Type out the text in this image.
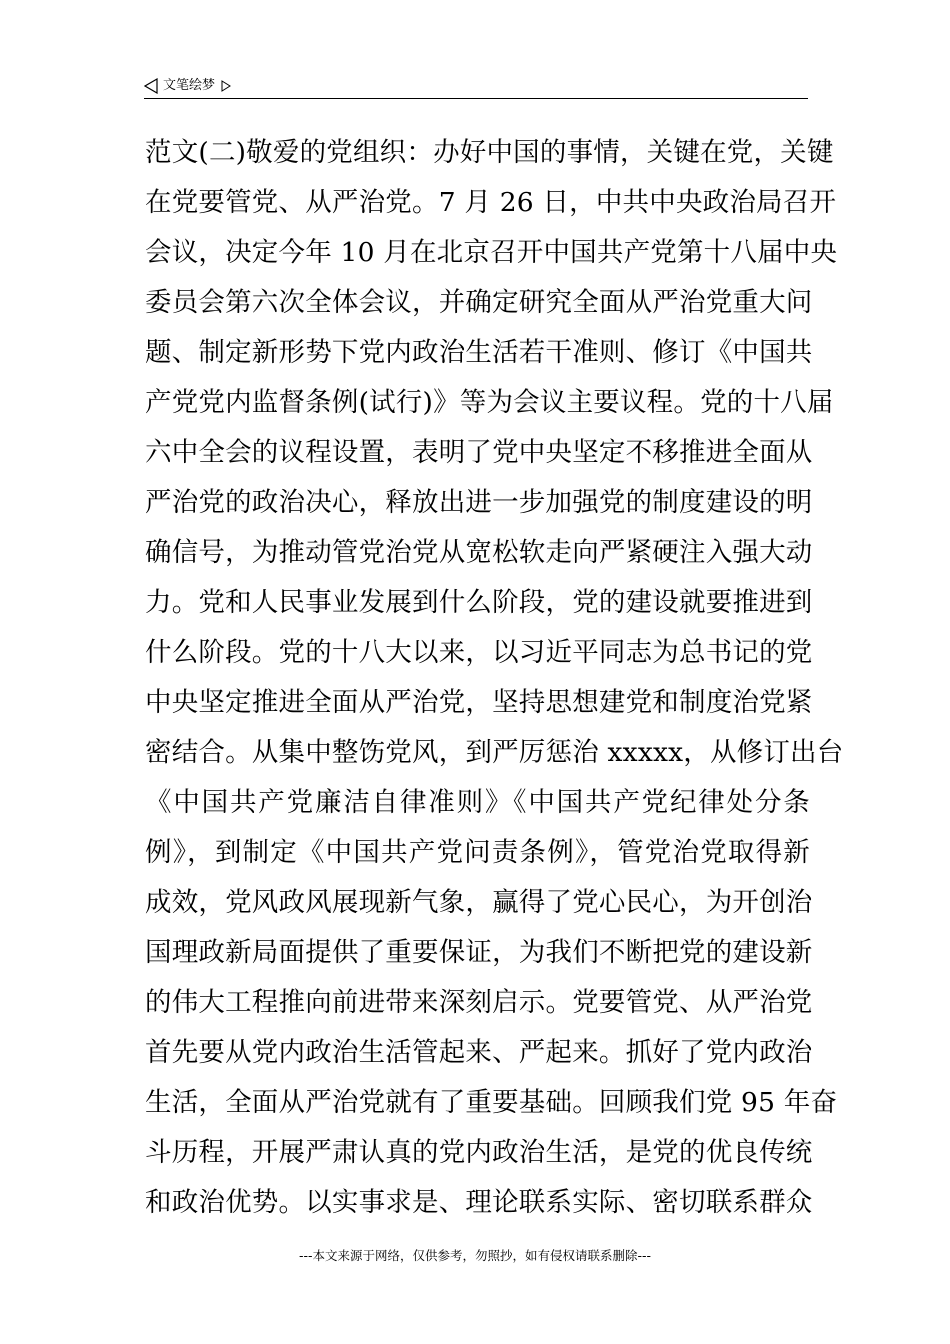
文笔绘梦
范文(二)敬爱的党组织：办好中国的事情，关键在党，关键
在党要管党、从严治党。7 月 26 日，中共中央政治局召开
会议，决定今年 10 月在北京召开中国共产党第十八届中央
委员会第六次全体会议，并确定研究全面从严治党重大问
题、制定新形势下党内政治生活若干准则、修订《中国共
产党党内监督条例(试行)》等为会议主要议程。党的十八届
六中全会的议程设置，表明了党中央坚定不移推进全面从
严治党的政治决心，释放出进一步加强党的制度建设的明
确信号，为推动管党治党从宽松软走向严紧硬注入强大动
力。党和人民事业发展到什么阶段，党的建设就要推进到
什么阶段。党的十八大以来，以习近平同志为总书记的党
中央坚定推进全面从严治党，坚持思想建党和制度治党紧
密结合。从集中整饬党风，到严厉惩治 xxxxx，从修订出台
《中国共产党廉洁自律准则》《中国共产党纪律处分条
例》，到制定《中国共产党问责条例》，管党治党取得新
成效，党风政风展现新气象，赢得了党心民心，为开创治
国理政新局面提供了重要保证，为我们不断把党的建设新
的伟大工程推向前进带来深刻启示。党要管党、从严治党
首先要从党内政治生活管起来、严起来。抓好了党内政治
生活，全面从严治党就有了重要基础。回顾我们党 95 年奋
斗历程，开展严肃认真的党内政治生活，是党的优良传统
和政治优势。以实事求是、理论联系实际、密切联系群众
---本文来源于网络，仅供参考，勿照抄，如有侵权请联系删除---
